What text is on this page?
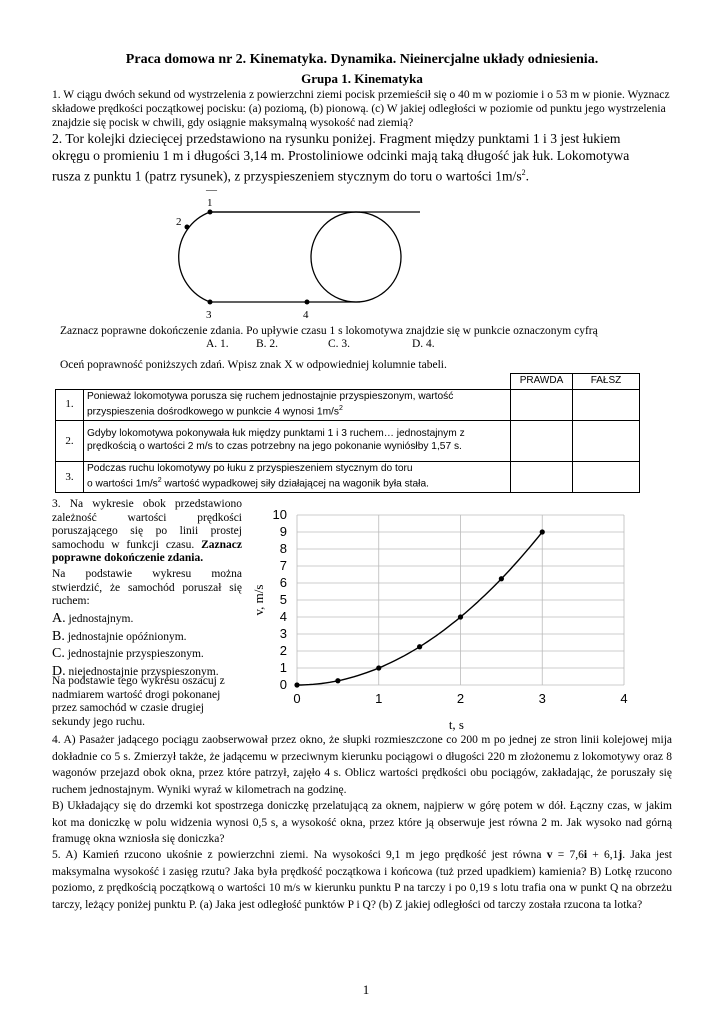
Praca domowa nr 2. Kinematyka. Dynamika. Nieinercjalne układy odniesienia.
Grupa 1. Kinematyka
1. W ciągu dwóch sekund od wystrzelenia z powierzchni ziemi pocisk przemieścił się o 40 m w poziomie i o 53 m w pionie. Wyznacz składowe prędkości początkowej pocisku: (a) poziomą, (b) pionową. (c) W jakiej odległości w poziomie od punktu jego wystrzelenia znajdzie się pocisk w chwili, gdy osiągnie maksymalną wysokość nad ziemią?
2. Tor kolejki dziecięcej przedstawiono na rysunku poniżej. Fragment między punktami 1 i 3 jest łukiem
okręgu o promieniu 1 m i długości 3,14 m. Prostoliniowe odcinki mają taką długość jak łuk. Lokomotywa
rusza z punktu 1 (patrz rysunek), z przyspieszeniem stycznym do toru o wartości $1m/s^2$.
—
1
2
3	4
Zaznacz poprawne dokończenie zdania. Po upływie czasu 1 s lokomotywa znajdzie się w punkcie oznaczonym cyfrą
A. 1. B. 2.	C. 3.	D. 4.
Oceń poprawność poniższych zdań. Wpisz znak X w odpowiedniej kolumnie tabeli.
		PRAWDA	FAŁSZ
1.	Ponieważ lokomotywa porusza się ruchem jednostajnie przyspieszonym, wartość przyspieszenia dośrodkowego w punkcie 4 wynosi $1m/s^2$		
2.	Gdyby lokomotywa pokonywała łuk między punktami 1 i 3 ruchem… jednostajnym z prędkością o wartości 2 m/s to czas potrzebny na jego pokonanie wyniósłby 1,57 s.		
3.	Podczas ruchu lokomotywy po łuku z przyspieszeniem stycznym do toru
o wartości $1m/s^2$ wartość wypadkowej siły działającej na wagonik była stała.		
3. Na wykresie obok przedstawiono zależność wartości prędkości poruszającego się po linii prostej samochodu w funkcji czasu. Zaznacz poprawne dokończenie zdania.
Na podstawie wykresu można stwierdzić, że samochód poruszał się ruchem:
A. jednostajnym.
B. jednostajnie opóźnionym.
C. jednostajnie przyspieszonym.
D. niejednostajnie przyspieszonym.
Na podstawie tego wykresu oszacuj z nadmiarem wartość drogi pokonanej przez samochód w czasie drugiej sekundy jego ruchu.
0
1
2
3
4
5
6
7
8
9
10
0	1	2	3	4
t, s
v, m/s
4. A) Pasażer jadącego pociągu zaobserwował przez okno, że słupki rozmieszczone co 200 m po jednej ze stron linii kolejowej mija dokładnie co 5 s. Zmierzył także, że jadącemu w przeciwnym kierunku pociągowi o długości 220 m złożonemu z lokomotywy oraz 8 wagonów przejazd obok okna, przez które patrzył, zajęło 4 s. Oblicz wartości prędkości obu pociągów, zakładając, że poruszały się ruchem jednostajnym. Wyniki wyraź w kilometrach na godzinę.
B) Układający się do drzemki kot spostrzega doniczkę przelatującą za oknem, najpierw w górę potem w dół. Łączny czas, w jakim kot ma doniczkę w polu widzenia wynosi 0,5 s, a wysokość okna, przez które ją obserwuje jest równa 2 m. Jak wysoko nad górną framugę okna wzniosła się doniczka?
5. A) Kamień rzucono ukośnie z powierzchni ziemi. Na wysokości 9,1 m jego prędkość jest równa v = 7,6i + 6,1j. Jaka jest maksymalna wysokość i zasięg rzutu? Jaka była prędkość początkowa i końcowa (tuż przed upadkiem) kamienia? B) Lotkę rzucono poziomo, z prędkością początkową o wartości 10 m/s w kierunku punktu P na tarczy i po 0,19 s lotu trafia ona w punkt Q na obrzeżu tarczy, leżący poniżej punktu P. (a) Jaka jest odległość punktów P i Q? (b) Z jakiej odległości od tarczy została rzucona ta lotka?
1
